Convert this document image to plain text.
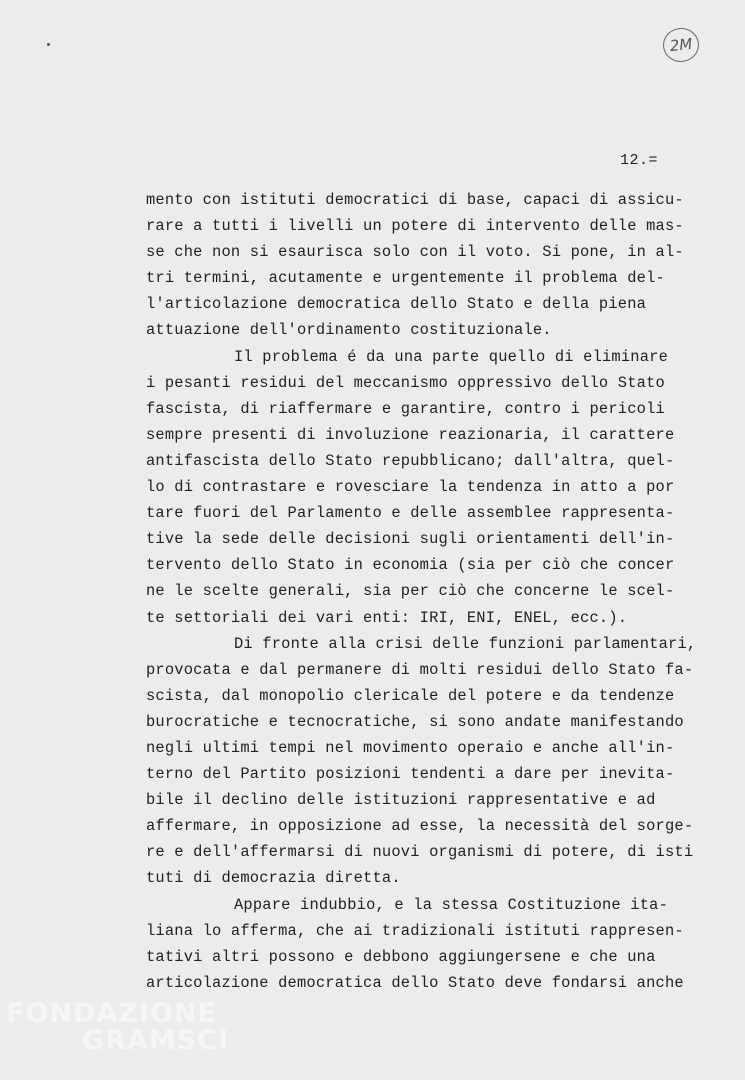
2M
12.=
mento con istituti democratici di base, capaci di assicu-
rare a tutti i livelli un potere di intervento delle mas-
se che non si esaurisca solo con il voto. Si pone, in al-
tri termini, acutamente e urgentemente il problema del-
l'articolazione democratica dello Stato e della piena
attuazione dell'ordinamento costituzionale.
Il problema é da una parte quello di eliminare
i pesanti residui del meccanismo oppressivo dello Stato
fascista, di riaffermare e garantire, contro i pericoli
sempre presenti di involuzione reazionaria, il carattere
antifascista dello Stato repubblicano; dall'altra, quel-
lo di contrastare e rovesciare la tendenza in atto a por
tare fuori del Parlamento e delle assemblee rappresenta-
tive la sede delle decisioni sugli orientamenti dell'in-
tervento dello Stato in economia (sia per ciò che concer
ne le scelte generali, sia per ciò che concerne le scel-
te settoriali dei vari enti: IRI, ENI, ENEL, ecc.).
Di fronte alla crisi delle funzioni parlamentari,
provocata e dal permanere di molti residui dello Stato fa-
scista, dal monopolio clericale del potere e da tendenze
burocratiche e tecnocratiche, si sono andate manifestando
negli ultimi tempi nel movimento operaio e anche all'in-
terno del Partito posizioni tendenti a dare per inevita-
bile il declino delle istituzioni rappresentative e ad
affermare, in opposizione ad esse, la necessità del sorge-
re e dell'affermarsi di nuovi organismi di potere, di isti
tuti di democrazia diretta.
Appare indubbio, e la stessa Costituzione ita-
liana lo afferma, che ai tradizionali istituti rappresen-
tativi altri possono e debbono aggiungersene e che una
articolazione democratica dello Stato deve fondarsi anche
FONDAZIONE
GRAMSCI
